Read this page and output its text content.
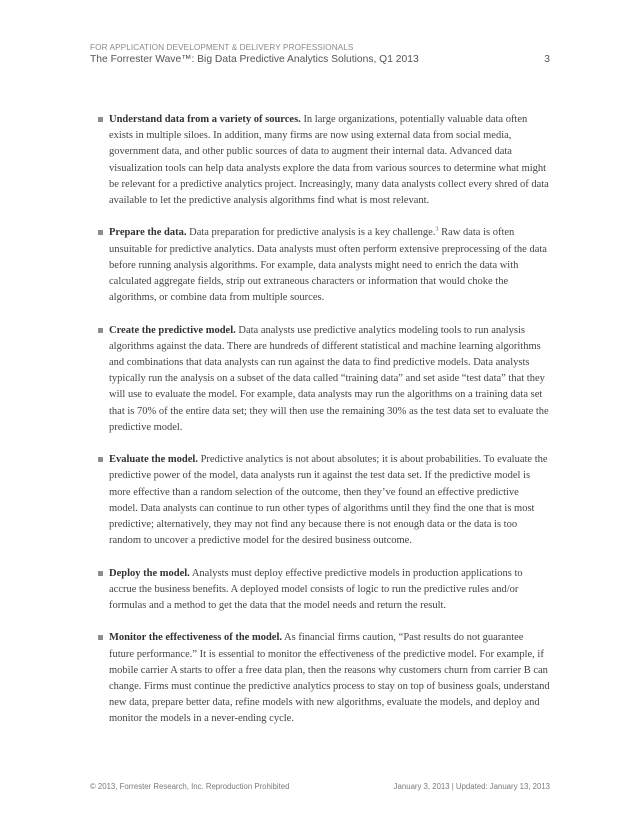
FOR APPLICATION DEVELOPMENT & DELIVERY PROFESSIONALS
The Forrester Wave™: Big Data Predictive Analytics Solutions, Q1 2013	3
Understand data from a variety of sources. In large organizations, potentially valuable data often exists in multiple siloes. In addition, many firms are now using external data from social media, government data, and other public sources of data to augment their internal data. Advanced data visualization tools can help data analysts explore the data from various sources to determine what might be relevant for a predictive analytics project. Increasingly, many data analysts collect every shred of data available to let the predictive analysis algorithms find what is most relevant.
Prepare the data. Data preparation for predictive analysis is a key challenge.$^3$ Raw data is often unsuitable for predictive analytics. Data analysts must often perform extensive preprocessing of the data before running analysis algorithms. For example, data analysts might need to enrich the data with calculated aggregate fields, strip out extraneous characters or information that would choke the algorithms, or combine data from multiple sources.
Create the predictive model. Data analysts use predictive analytics modeling tools to run analysis algorithms against the data. There are hundreds of different statistical and machine learning algorithms and combinations that data analysts can run against the data to find predictive models. Data analysts typically run the analysis on a subset of the data called “training data” and set aside “test data” that they will use to evaluate the model. For example, data analysts may run the algorithms on a training data set that is 70% of the entire data set; they will then use the remaining 30% as the test data set to evaluate the predictive model.
Evaluate the model. Predictive analytics is not about absolutes; it is about probabilities. To evaluate the predictive power of the model, data analysts run it against the test data set. If the predictive model is more effective than a random selection of the outcome, then they’ve found an effective predictive model. Data analysts can continue to run other types of algorithms until they find the one that is most predictive; alternatively, they may not find any because there is not enough data or the data is too random to uncover a predictive model for the desired business outcome.
Deploy the model. Analysts must deploy effective predictive models in production applications to accrue the business benefits. A deployed model consists of logic to run the predictive rules and/or formulas and a method to get the data that the model needs and return the result.
Monitor the effectiveness of the model. As financial firms caution, “Past results do not guarantee future performance.” It is essential to monitor the effectiveness of the predictive model. For example, if mobile carrier A starts to offer a free data plan, then the reasons why customers churn from carrier B can change. Firms must continue the predictive analytics process to stay on top of business goals, understand new data, prepare better data, refine models with new algorithms, evaluate the models, and deploy and monitor the models in a never-ending cycle.
© 2013, Forrester Research, Inc. Reproduction Prohibited	January 3, 2013 | Updated: January 13, 2013
